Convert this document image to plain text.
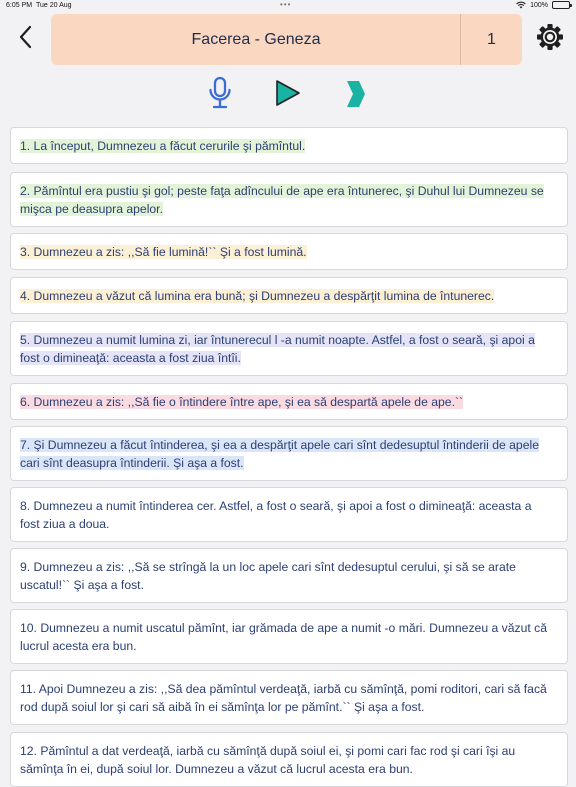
6:05 PM Tue 20 Aug	•••	100%
Facerea - Geneza	1
1. La început, Dumnezeu a făcut cerurile şi pămîntul.
2. Pămîntul era pustiu şi gol; peste faţa adîncului de ape era întunerec, şi Duhul lui Dumnezeu se
mişca pe deasupra apelor.
3. Dumnezeu a zis: ,,Să fie lumină!`` Şi a fost lumină.
4. Dumnezeu a văzut că lumina era bună; şi Dumnezeu a despărţit lumina de întunerec.
5. Dumnezeu a numit lumina zi, iar întunerecul l -a numit noapte. Astfel, a fost o seară, şi apoi a
fost o dimineaţă: aceasta a fost ziua întîi.
6. Dumnezeu a zis: ,,Să fie o întindere între ape, şi ea să despartă apele de ape.``
7. Şi Dumnezeu a făcut întinderea, şi ea a despărţit apele cari sînt dedesuptul întinderii de apele
cari sînt deasupra întinderii. Şi aşa a fost.
8. Dumnezeu a numit întinderea cer. Astfel, a fost o seară, şi apoi a fost o dimineaţă: aceasta a
fost ziua a doua.
9. Dumnezeu a zis: ,,Să se strîngă la un loc apele cari sînt dedesuptul cerului, şi să se arate
uscatul!`` Şi aşa a fost.
10. Dumnezeu a numit uscatul pămînt, iar grămada de ape a numit -o mări. Dumnezeu a văzut că
lucrul acesta era bun.
11. Apoi Dumnezeu a zis: ,,Să dea pămîntul verdeaţă, iarbă cu sămînţă, pomi roditori, cari să facă
rod după soiul lor şi cari să aibă în ei sămînţa lor pe pămînt.`` Şi aşa a fost.
12. Pămîntul a dat verdeaţă, iarbă cu sămînţă după soiul ei, şi pomi cari fac rod şi cari îşi au
sămînţa în ei, după soiul lor. Dumnezeu a văzut că lucrul acesta era bun.
